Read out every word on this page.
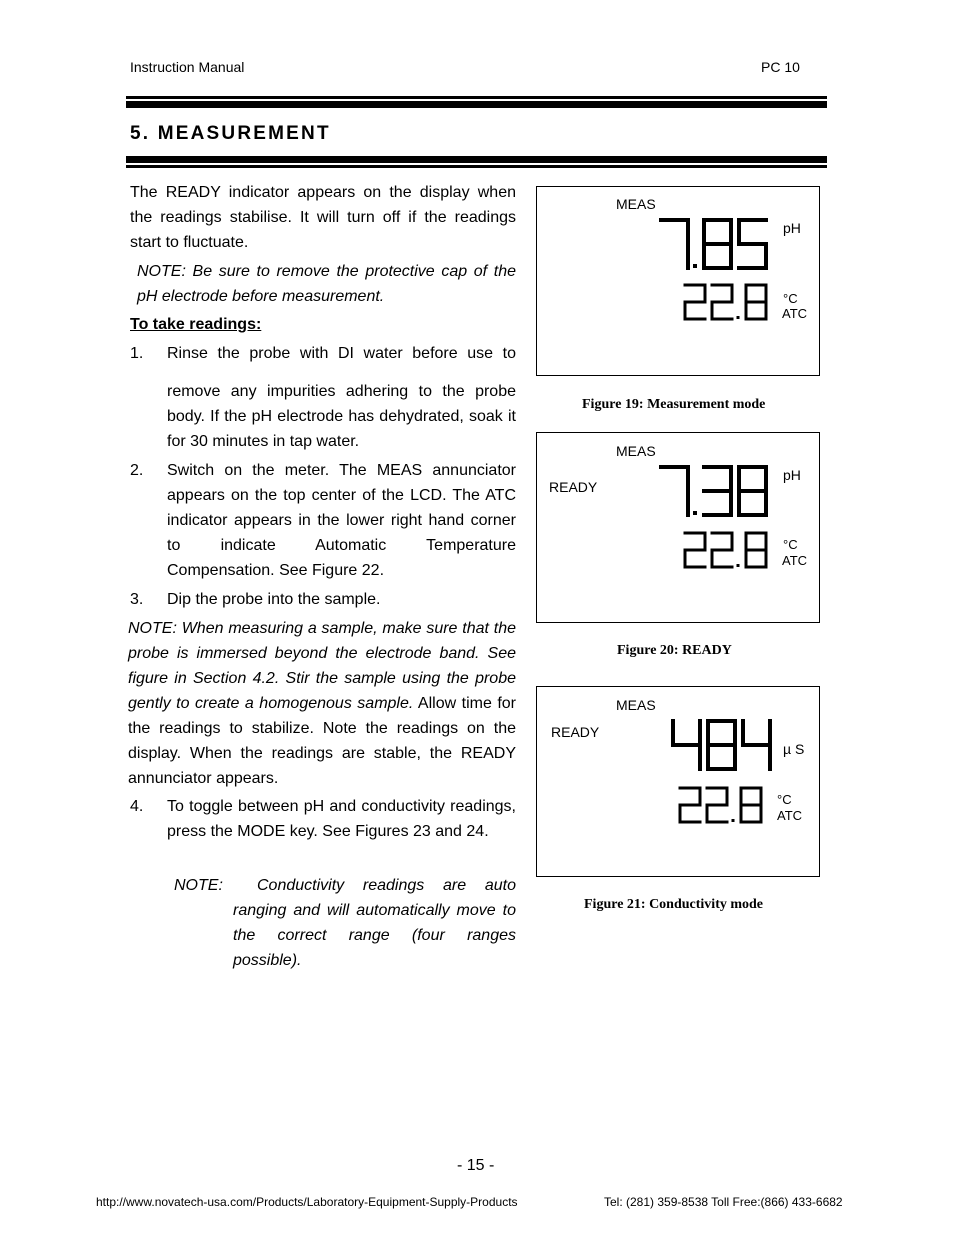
Instruction Manual	PC 10
5. MEASUREMENT
The READY indicator appears on the display when the readings stabilise. It will turn off if the readings start to fluctuate.
NOTE: Be sure to remove the protective cap of the pH electrode before measurement.
To take readings:
1. Rinse the probe with DI water before use to
remove any impurities adhering to the probe body. If the pH electrode has dehydrated, soak it for 30 minutes in tap water.
2. Switch on the meter. The MEAS annunciator appears on the top center of the LCD. The ATC indicator appears in the lower right hand corner to indicate Automatic Temperature Compensation. See Figure 22.
3. Dip the probe into the sample.
NOTE: When measuring a sample, make sure that the probe is immersed beyond the electrode band. See figure in Section 4.2. Stir the sample using the probe gently to create a homogenous sample. Allow time for the readings to stabilize. Note the readings on the display. When the readings are stable, the READY annunciator appears.
4. To toggle between pH and conductivity readings, press the MODE key. See Figures 23 and 24.
NOTE:	Conductivity readings are auto ranging and will automatically move to the correct range (four ranges possible).
MEAS
pH
°C
ATC
Figure 19: Measurement mode
MEAS
READY
pH
°C
ATC
Figure 20: READY
MEAS
READY
µ S
°C
ATC
Figure 21: Conductivity mode
- 15 -
http://www.novatech-usa.com/Products/Laboratory-Equipment-Supply-Products	Tel: (281) 359-8538 Toll Free:(866) 433-6682
